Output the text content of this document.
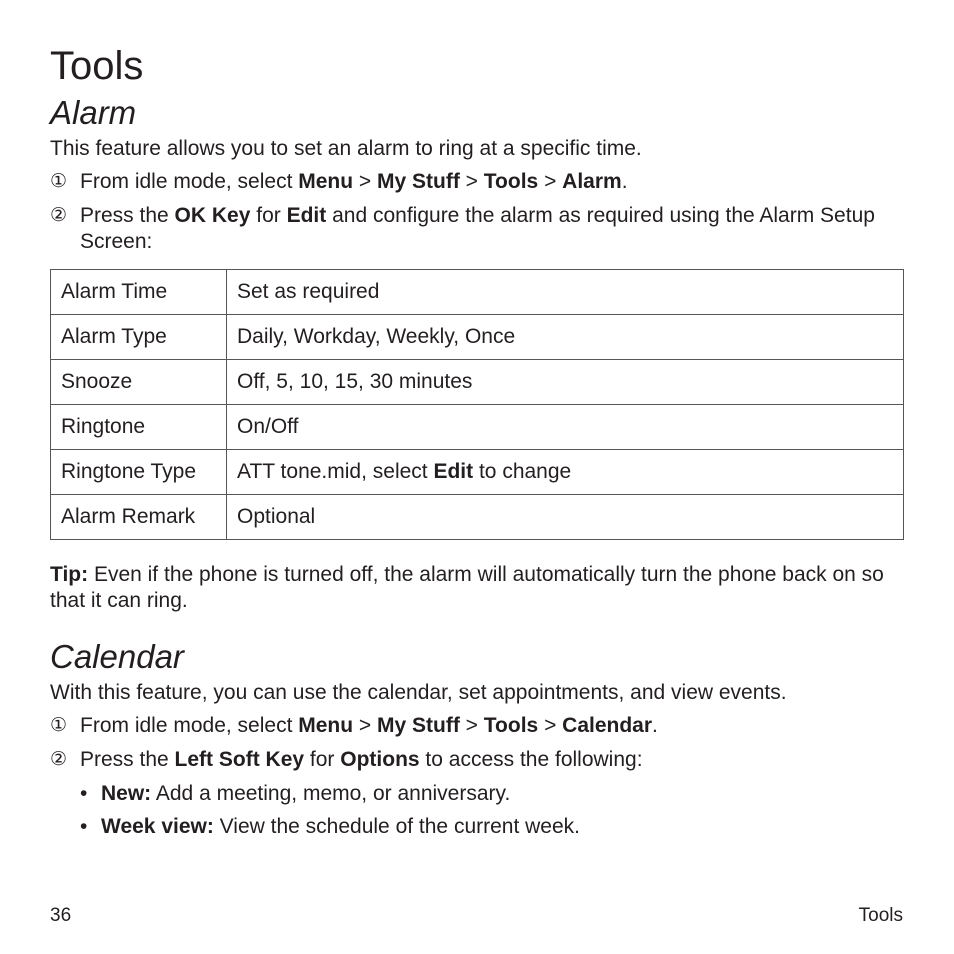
Tools
Alarm

This feature allows you to set an alarm to ring at a specific time.

① From idle mode, select Menu > My Stuff > Tools > Alarm.
② Press the OK Key for Edit and configure the alarm as required using the Alarm Setup Screen:
Alarm Time	Set as required
Alarm Type	Daily, Workday, Weekly, Once
Snooze	Off, 5, 10, 15, 30 minutes
Ringtone	On/Off
Ringtone Type	ATT tone.mid, select Edit to change
Alarm Remark	Optional

Tip: Even if the phone is turned off, the alarm will automatically turn the phone back on so that it can ring.

Calendar

With this feature, you can use the calendar, set appointments, and view events.

① From idle mode, select Menu > My Stuff > Tools > Calendar.
② Press the Left Soft Key for Options to access the following:
• New: Add a meeting, memo, or anniversary.
• Week view: View the schedule of the current week.
36	Tools
